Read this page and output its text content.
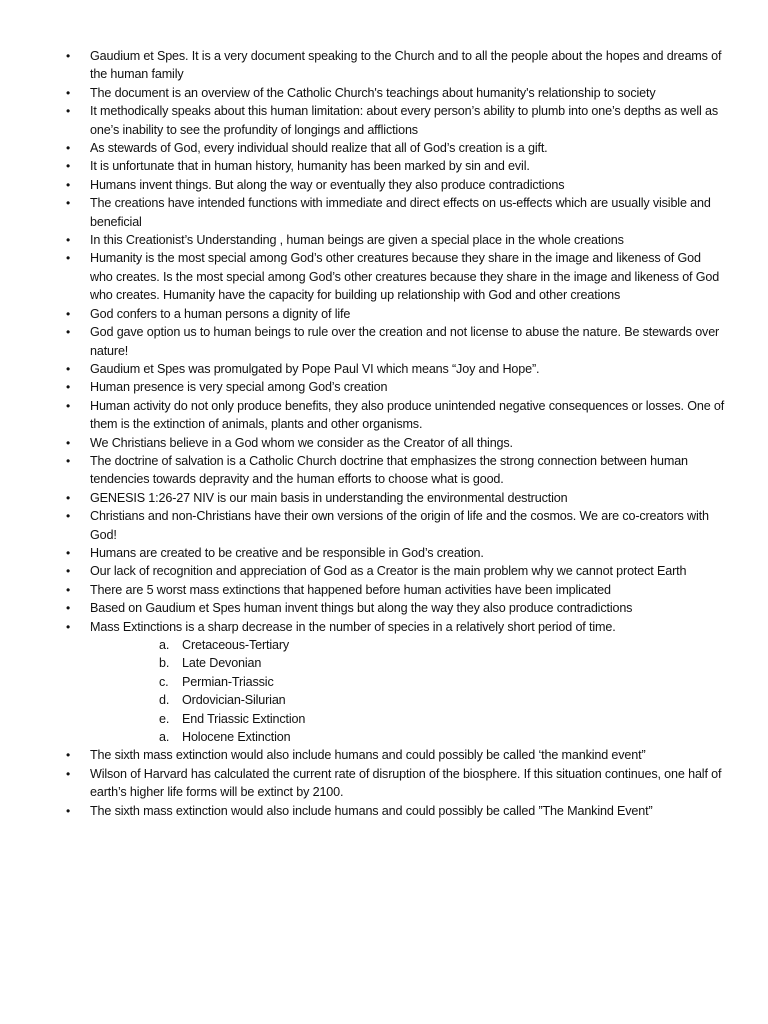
•	Gaudium et Spes. It is a very document speaking to the Church and to all the people about the hopes and dreams of the human family
•	The document is an overview of the Catholic Church's teachings about humanity's relationship to society
•	It methodically speaks about this human limitation: about every person’s ability to plumb into one’s depths as well as one’s inability to see the profundity of longings and afflictions
•	As stewards of God, every individual should realize that all of God’s creation is a gift.
•	It is unfortunate that in human history, humanity has been marked by sin and evil.
•	Humans invent things. But along the way or eventually they also produce contradictions
•	The creations have intended functions with immediate and direct effects on us-effects which are usually visible and beneficial
•	In this Creationist’s Understanding , human beings are given a special place in the whole creations
•	Humanity is the most special among God’s other creatures because they share in the image and likeness of God who creates. Is the most special among God’s other creatures because they share in the image and likeness of God who creates. Humanity have the capacity for building up relationship with God and other creations
•	God confers to a human persons a dignity of life
•	God gave option us to human beings to rule over the creation and not license to abuse the nature. Be stewards over nature!
•	Gaudium et Spes was promulgated by Pope Paul VI which means “Joy and Hope”.
•	Human presence is very special among God’s creation
•	Human activity do not only produce benefits, they also produce unintended negative consequences or losses. One of them is the extinction of animals, plants and other organisms.
•	We Christians believe in a God whom we consider as the Creator of all things.
•	The doctrine of salvation is a Catholic Church doctrine that emphasizes the strong connection between human tendencies towards depravity and the human efforts to choose what is good.
•	GENESIS 1:26-27 NIV is our main basis in understanding the environmental destruction
•	Christians and non-Christians have their own versions of the origin of life and the cosmos. We are co-creators with God!
•	Humans are created to be creative and be responsible in God’s creation.
•	Our lack of recognition and appreciation of God as a Creator is the main problem why we cannot protect Earth
•	There are 5 worst mass extinctions that happened before human activities have been implicated
•	Based on Gaudium et Spes human invent things but along the way they also produce contradictions
•	Mass Extinctions is a sharp decrease in the number of species in a relatively short period of time.
a. Cretaceous-Tertiary
b. Late Devonian
c. Permian-Triassic
d. Ordovician-Silurian
e. End Triassic Extinction
a. Holocene Extinction
•	The sixth mass extinction would also include humans and could possibly be called ‘the mankind event”
•	Wilson of Harvard has calculated the current rate of disruption of the biosphere. If this situation continues, one half of earth’s higher life forms will be extinct by 2100.
•	The sixth mass extinction would also include humans and could possibly be called ”The Mankind Event”
